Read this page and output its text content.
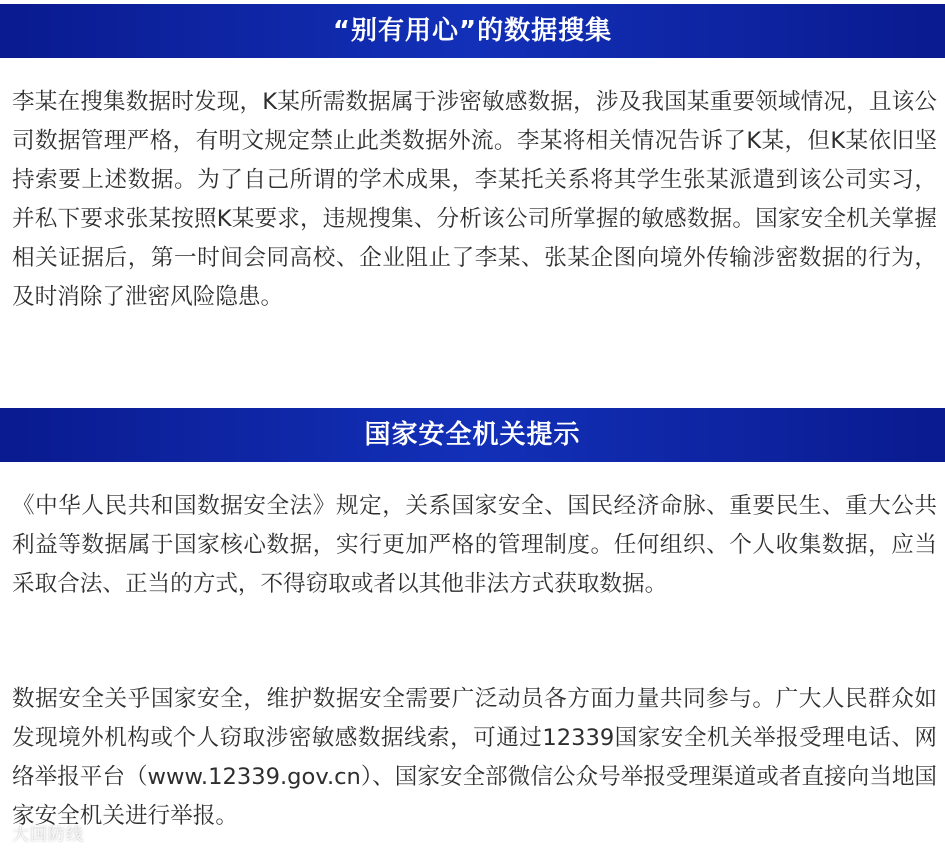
“别有用心”的数据搜集

李某在搜集数据时发现，K某所需数据属于涉密敏感数据，涉及我国某重要领域情况，且该公司数据管理严格，有明文规定禁止此类数据外流。李某将相关情况告诉了K某，但K某依旧坚持索要上述数据。为了自己所谓的学术成果，李某托关系将其学生张某派遣到该公司实习，并私下要求张某按照K某要求，违规搜集、分析该公司所掌握的敏感数据。国家安全机关掌握相关证据后，第一时间会同高校、企业阻止了李某、张某企图向境外传输涉密数据的行为，及时消除了泄密风险隐患。

国家安全机关提示

《中华人民共和国数据安全法》规定，关系国家安全、国民经济命脉、重要民生、重大公共利益等数据属于国家核心数据，实行更加严格的管理制度。任何组织、个人收集数据，应当采取合法、正当的方式，不得窃取或者以其他非法方式获取数据。

数据安全关乎国家安全，维护数据安全需要广泛动员各方面力量共同参与。广大人民群众如发现境外机构或个人窃取涉密敏感数据线索，可通过12339国家安全机关举报受理电话、网络举报平台（www.12339.gov.cn）、国家安全部微信公众号举报受理渠道或者直接向当地国家安全机关进行举报。

大国防线
